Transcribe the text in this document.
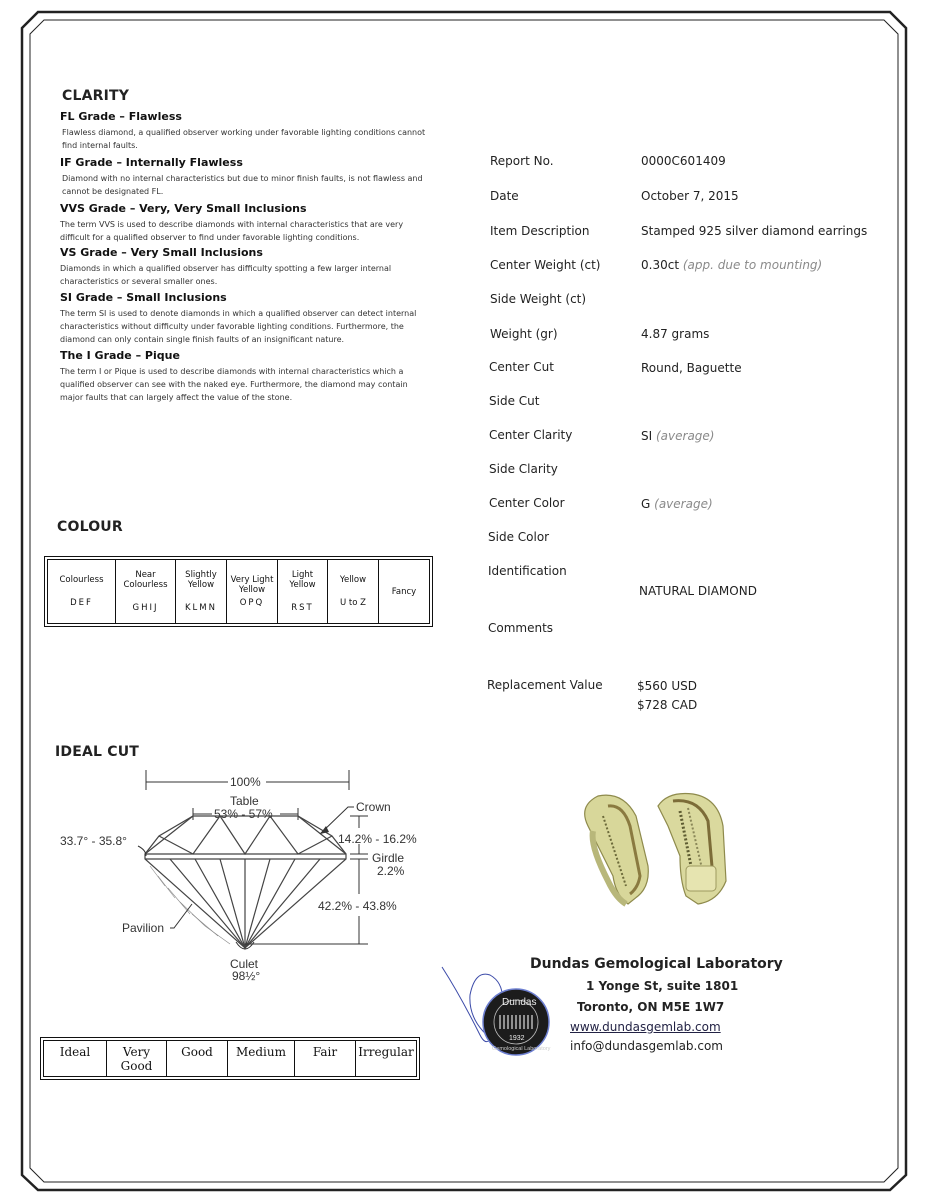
CLARITY
FL Grade – Flawless
Flawless diamond, a qualified observer working under favorable lighting conditions cannot find internal faults.
IF Grade – Internally Flawless
Diamond with no internal characteristics but due to minor finish faults, is not flawless and cannot be designated FL.
VVS Grade – Very, Very Small Inclusions
The term VVS is used to describe diamonds with internal characteristics that are very difficult for a qualified observer to find under favorable lighting conditions.
VS Grade – Very Small Inclusions
Diamonds in which a qualified observer has difficulty spotting a few larger internal characteristics or several smaller ones.
SI Grade – Small Inclusions
The term SI is used to denote diamonds in which a qualified observer can detect internal characteristics without difficulty under favorable lighting conditions. Furthermore, the diamond can only contain single finish faults of an insignificant nature.
The I Grade – Pique
The term I or Pique is used to describe diamonds with internal characteristics which a qualified observer can see with the naked eye. Furthermore, the diamond may contain major faults that can largely affect the value of the stone.
COLOUR
Colourless
DEF

Near Colourless
GHIJ

Slightly Yellow
KLMN

Very Light Yellow
OPQ

Light Yellow
RST

Yellow
U to Z

Fancy
IDEAL CUT
100%
Table
53% - 57%	Crown
33.7° - 35.8°	14.2% - 16.2%
Girdle
2.2%
42.2% - 43.8%
Pavilion
Culet
98½°
Ideal	Very Good	Good	Medium	Fair	Irregular
Report No.	0000C601409
Date	October 7, 2015
Item Description	Stamped 925 silver diamond earrings
Center Weight (ct)	0.30ct (app. due to mounting)
Side Weight (ct)
Weight (gr)	4.87 grams
Center Cut	Round, Baguette
Side Cut
Center Clarity	SI (average)
Side Clarity
Center Color	G (average)
Side Color
Identification
NATURAL DIAMOND
Comments
Replacement Value	$560 USD
$728 CAD
Dundas Gemological Laboratory
1 Yonge St, suite 1801
Toronto, ON M5E 1W7
www.dundasgemlab.com
info@dundasgemlab.com
Dundas
1932
Gemological Laboratory
